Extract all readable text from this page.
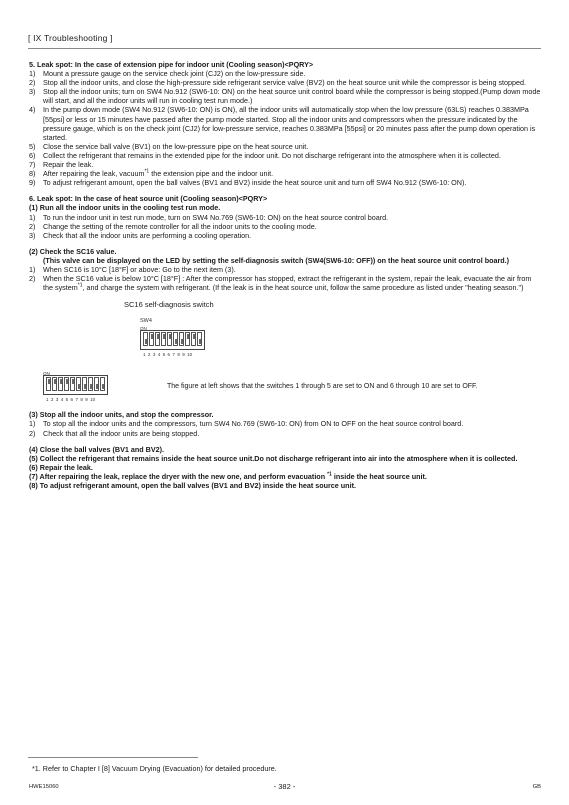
[ IX Troubleshooting ]
5. Leak spot: In the case of extension pipe for indoor unit (Cooling season)<PQRY>
1)	Mount a pressure gauge on the service check joint (CJ2) on the low-pressure side.
2)	Stop all the indoor units, and close the high-pressure side refrigerant service valve (BV2) on the heat source unit while the compressor is being stopped.
3)	Stop all the indoor units; turn on SW4 No.912 (SW6-10: ON) on the heat source unit control board while the compressor is being stopped.(Pump down mode will start, and all the indoor units will run in cooling test run mode.)
4)	In the pump down mode (SW4 No.912 (SW6-10: ON) is ON), all the indoor units will automatically stop when the low pressure (63LS) reaches 0.383MPa [55psi] or less or 15 minutes have passed after the pump mode started. Stop all the indoor units and compressors when the pressure indicated by the pressure gauge, which is on the check joint (CJ2) for low-pressure service, reaches 0.383MPa [55psi] or 20 minutes pass after the pump down operation is started.
5)	Close the service ball valve (BV1) on the low-pressure pipe on the heat source unit.
6)	Collect the refrigerant that remains in the extended pipe for the indoor unit. Do not discharge refrigerant into the atmosphere when it is collected.
7)	Repair the leak.
8)	After repairing the leak, vacuum$^{*1}$ the extension pipe and the indoor unit.
9)	To adjust refrigerant amount, open the ball valves (BV1 and BV2) inside the heat source unit and turn off SW4 No.912 (SW6-10: ON).
6. Leak spot: In the case of heat source unit (Cooling season)<PQRY>
(1) Run all the indoor units in the cooling test run mode.
1)	To run the indoor unit in test run mode, turn on SW4 No.769 (SW6-10: ON) on the heat source control board.
2)	Change the setting of the remote controller for all the indoor units to the cooling mode.
3)	Check that all the indoor units are performing a cooling operation.
(2) Check the SC16 value.
(This valve can be displayed on the LED by setting the self-diagnosis switch (SW4(SW6-10: OFF)) on the heat source unit control board.)
1)	When SC16 is 10°C [18°F] or above: Go to the next item (3).
2)	When the SC16 value is below 10°C [18°F] : After the compressor has stopped, extract the refrigerant in the system, repair the leak, evacuate the air from the system$^{*1}$, and charge the system with refrigerant. (If the leak is in the heat source unit, follow the same procedure as listed under "heating season.")
SC16 self-diagnosis switch
SW4
ON
1 2 3 4 5 6 7 8 9 10
ON
1 2 3 4 5 6 7 8 9 10
The figure at left shows that the switches 1 through 5 are set to ON and 6 through 10 are set to OFF.
(3) Stop all the indoor units, and stop the compressor.
1)	To stop all the indoor units and the compressors, turn SW4 No.769 (SW6-10: ON) from ON to OFF on the heat source control board.
2)	Check that all the indoor units are being stopped.
(4) Close the ball valves (BV1 and BV2).
(5) Collect the refrigerant that remains inside the heat source unit.Do not discharge refrigerant into air into the atmosphere when it is collected.
(6) Repair the leak.
(7) After repairing the leak, replace the dryer with the new one, and perform evacuation $^{*1}$ inside the heat source unit.
(8) To adjust refrigerant amount, open the ball valves (BV1 and BV2) inside the heat source unit.
*1. Refer to Chapter I [8] Vacuum Drying (Evacuation) for detailed procedure.
HWE15060	- 382 -	GB
